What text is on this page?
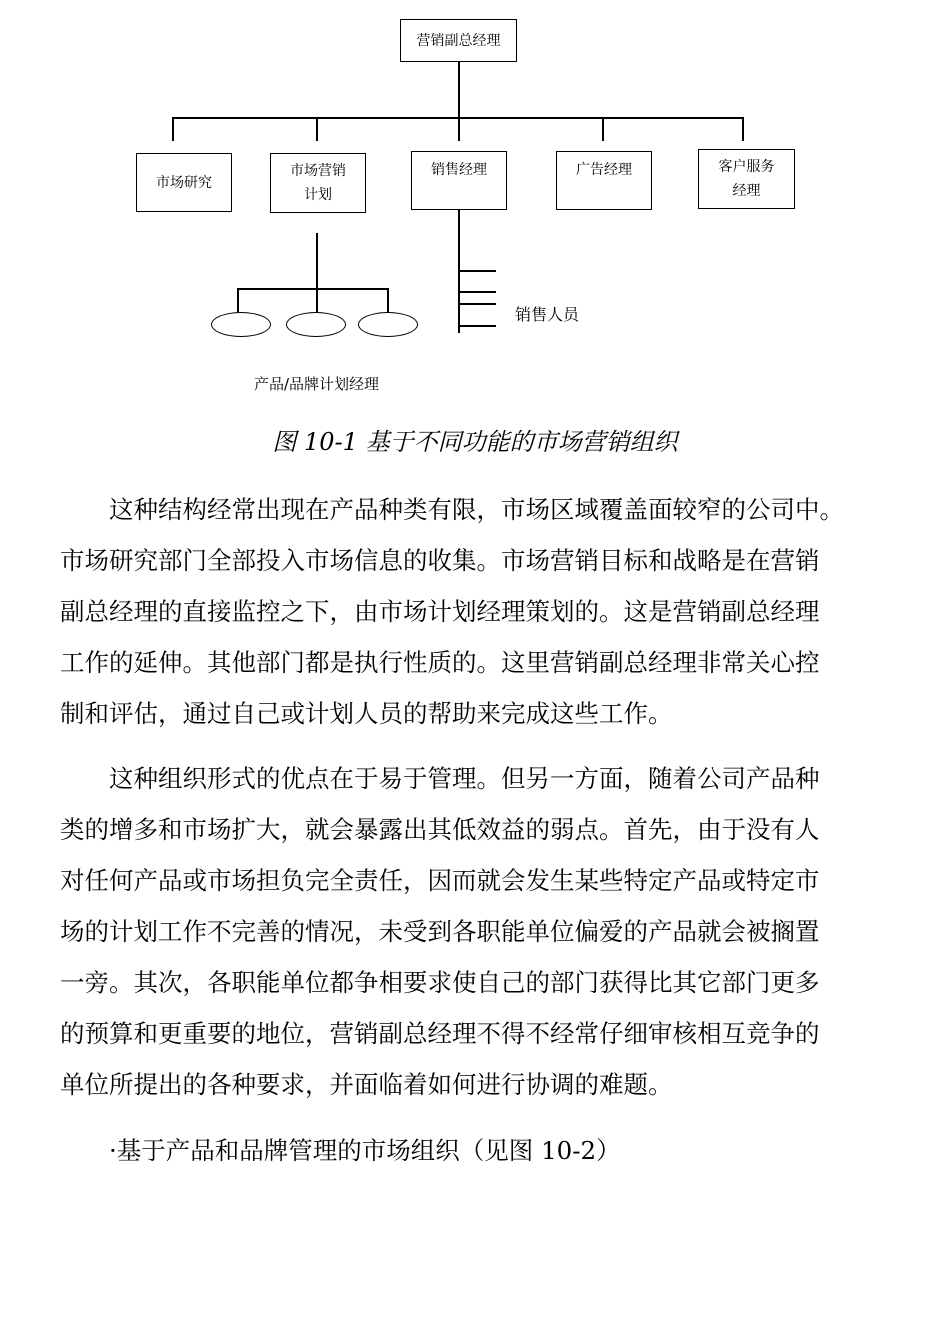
营销副总经理
市场研究
市场营销
计划
销售经理	广告经理	客户服务
经理
产品/品牌计划经理
销售人员
图 10-1 基于不同功能的市场营销组织
这种结构经常出现在产品种类有限，市场区域覆盖面较窄的公司中。
市场研究部门全部投入市场信息的收集。市场营销目标和战略是在营销
副总经理的直接监控之下，由市场计划经理策划的。这是营销副总经理
工作的延伸。其他部门都是执行性质的。这里营销副总经理非常关心控
制和评估，通过自己或计划人员的帮助来完成这些工作。
这种组织形式的优点在于易于管理。但另一方面，随着公司产品种
类的增多和市场扩大，就会暴露出其低效益的弱点。首先，由于没有人
对任何产品或市场担负完全责任，因而就会发生某些特定产品或特定市
场的计划工作不完善的情况，未受到各职能单位偏爱的产品就会被搁置
一旁。其次，各职能单位都争相要求使自己的部门获得比其它部门更多
的预算和更重要的地位，营销副总经理不得不经常仔细审核相互竞争的
单位所提出的各种要求，并面临着如何进行协调的难题。
·基于产品和品牌管理的市场组织（见图 10-2）
